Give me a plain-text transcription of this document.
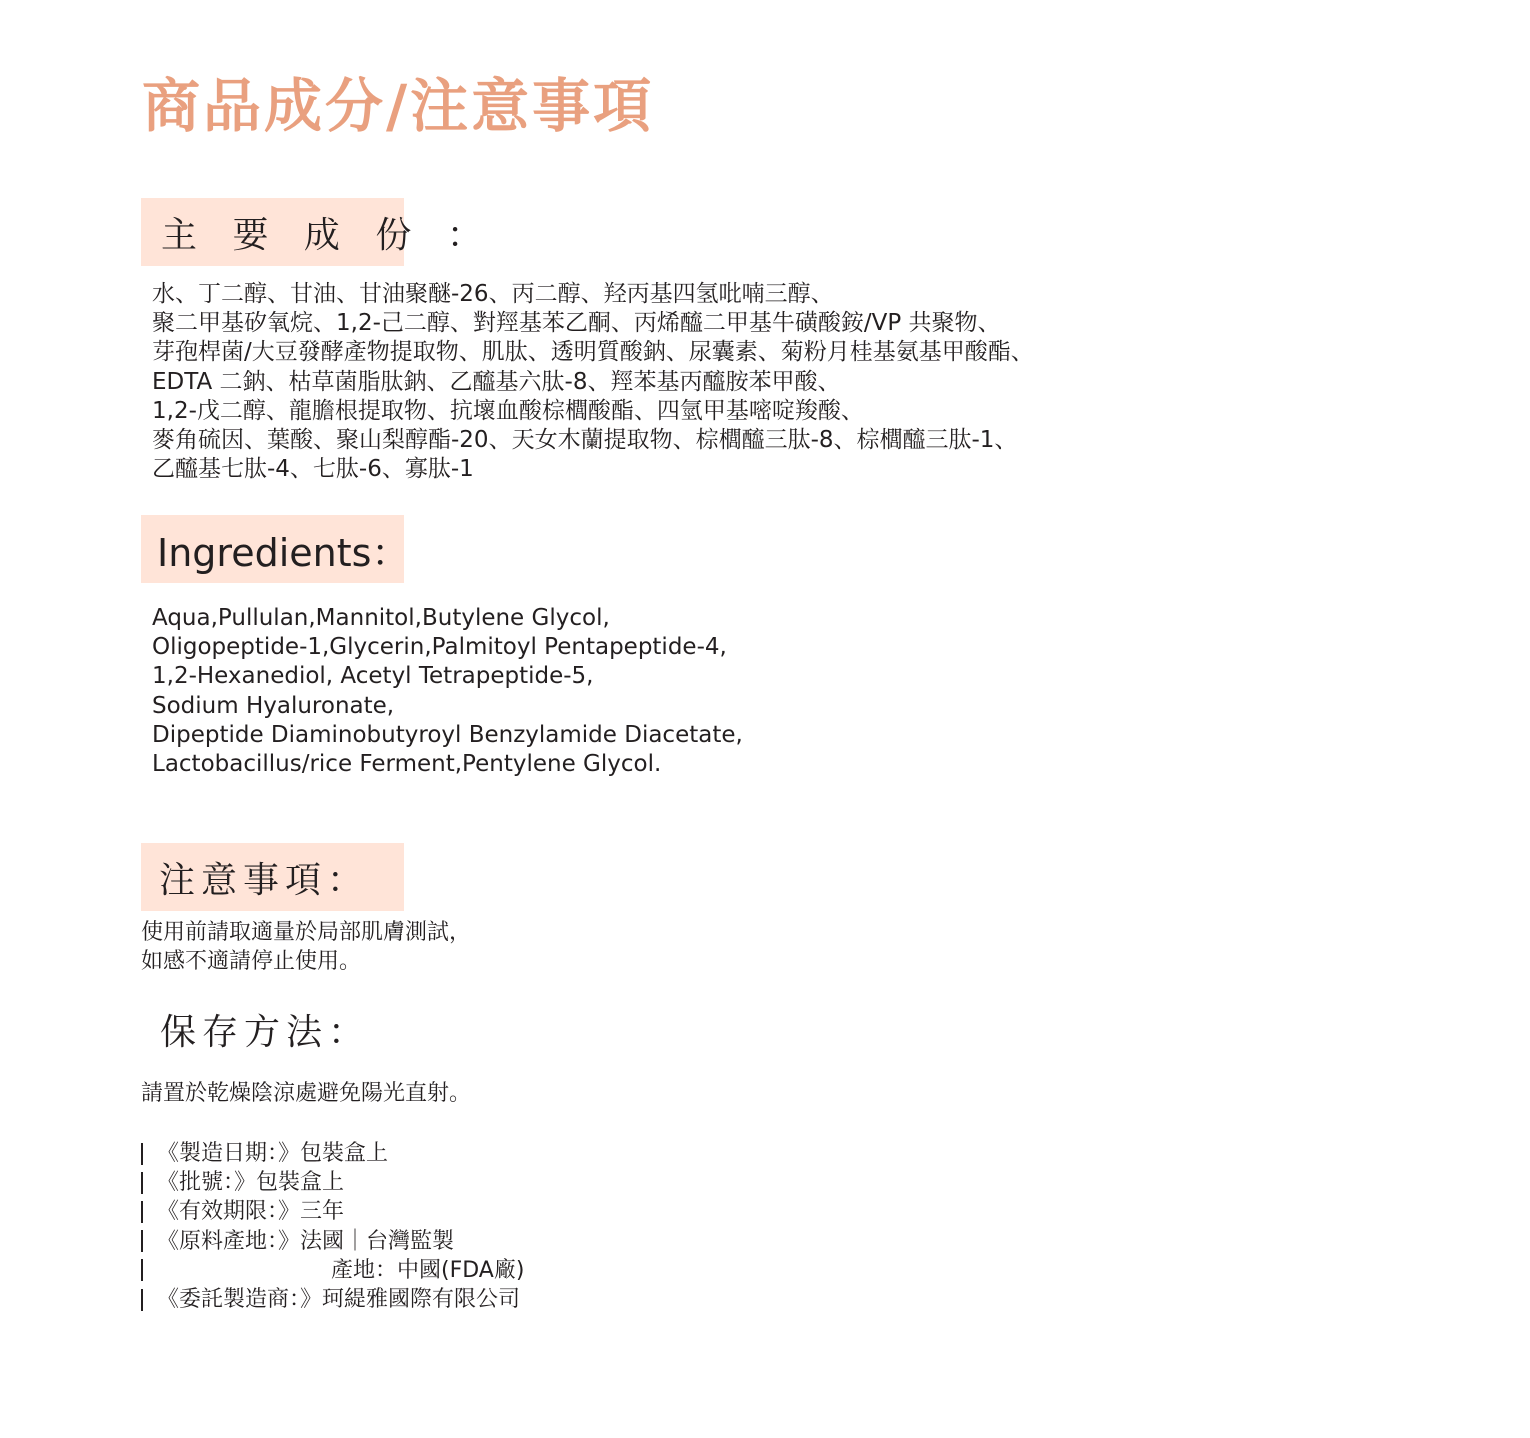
商品成分/注意事項
主 要 成 份 ：
水、丁二醇、甘油、甘油聚醚-26、丙二醇、羟丙基四氢吡喃三醇、
聚二甲基矽氧烷、1,2-己二醇、對羥基苯乙酮、丙烯醯二甲基牛磺酸銨/VP 共聚物、
芽孢桿菌/大豆發酵產物提取物、肌肽、透明質酸鈉、尿囊素、菊粉月桂基氨基甲酸酯、
EDTA 二鈉、枯草菌脂肽鈉、乙醯基六肽-8、羥苯基丙醯胺苯甲酸、
1,2-戊二醇、龍膽根提取物、抗壞血酸棕櫚酸酯、四氫甲基嘧啶羧酸、
麥角硫因、葉酸、聚山梨醇酯-20、天女木蘭提取物、棕櫚醯三肽-8、棕櫚醯三肽-1、
乙醯基七肽-4、七肽-6、寡肽-1
Ingredients：
Aqua,Pullulan,Mannitol,Butylene Glycol,
Oligopeptide-1,Glycerin,Palmitoyl Pentapeptide-4,
1,2-Hexanediol, Acetyl Tetrapeptide-5,
Sodium Hyaluronate,
Dipeptide Diaminobutyroyl Benzylamide Diacetate,
Lactobacillus/rice Ferment,Pentylene Glycol.
注意事項：
使用前請取適量於局部肌膚測試，
如感不適請停止使用。
保存方法：
請置於乾燥陰涼處避免陽光直射。
《製造日期：》 包裝盒上
《批號：》 包裝盒上
《有效期限：》 三年
《原料產地：》 法國｜台灣監製
產地：中國(FDA廠)
《委託製造商：》 珂緹雅國際有限公司
